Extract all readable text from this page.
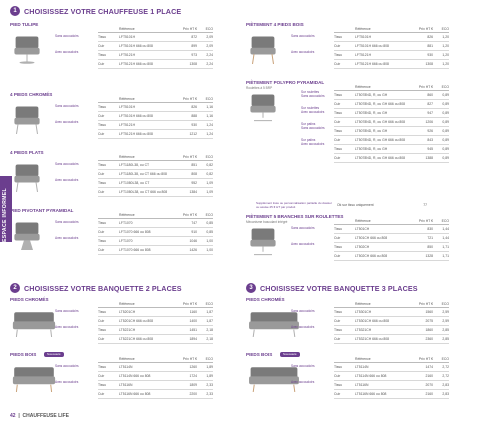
ESPACE INFORMEL
1	CHOISISSEZ VOTRE CHAUFFEUSE 1 PLACE
2	CHOISISSEZ VOTRE BANQUETTE 2 PLACES	3	CHOISISSEZ VOTRE BANQUETTE 3 PLACES
PIED TULIPE
Référence	Prix HT €	ECO
Tissu	LFT5101H	872	2,09
Cuir	LFT5101H 666 ou 808	899	2,09
Tissu	LFT5121H	973	2,24
Cuir	LFT5121H 666 ou 808	1308	2,24
Sans accoudoirs
Avec accoudoirs
4 PIEDS CHROMÉS
Référence	Prix HT €	ECO
Tissu	LFT5101H	826	1,16
Cuir	LFT5101H 666 ou 808	888	1,16
Tissu	LFT5121H	930	1,24
Cuir	LFT5121H 666 ou 808	1212	1,24
Sans accoudoirs
Avec accoudoirs
4 PIEDS PLATS
Référence	Prix HT €	ECO
Tissu	LFT1180L38, ou CT	851	0,82
Cuir	LFT1180L38, ou CT 666 ou 808	808	0,82
Tissu	LFT1080L38, ou CT	952	1,09
Cuir	LFT1080L38, ou CT 666 ou 808	1384	1,09
Sans accoudoirs
Avec accoudoirs
PIED PIVOTANT PYRAMIDAL
Référence	Prix HT €	ECO
Tissu	LFT1070	747	0,85
Cuir	LFT1070 666 ou 808	910	0,85
Tissu	LFT1070	1046	1,00
Cuir	LFT1070 666 ou 808	1426	1,00
Sans accoudoirs
Avec accoudoirs
PIÈTEMENT 4 PIEDS BOIS
Référence	Prix HT €	ECO
Tissu	LFT5101H	826	1,20
Cuir	LFT5101H 666 ou 808	881	1,20
Tissu	LFT5121H	930	1,20
Cuir	LFT5121H 666 ou 808	1308	1,20
Sans accoudoirs
Avec accoudoirs
PIÈTEMENT POLYPRO PYRAMIDAL
Roulettes à 5 BRP	Référence	Prix HT €	ECO
Tissu	LT5078ND, R, ou GH	860	0,89
Cuir	LT5078ND, R, ou GH 666 ou 808	827	0,89
Tissu	LT5078ND, R, ou GH	947	0,89
Cuir	LT5078ND, R, ou GH 666 ou 808	1206	0,89
Tissu	LT5078ND, R, ou GH	926	0,89
Cuir	LT5078ND, R, ou GH 666 ou 808	843	0,89
Tissu	LT5078ND, R, ou GH	945	0,89
Cuir	LT5078ND, R, ou GH 666 ou 808	1388	0,89
Sur roulettes
Sans accoudoirs
Sur roulettes
Avec accoudoirs
Sur patins
Sans accoudoirs
Sur patins
Avec accoudoirs
PIÈTEMENT 5 BRANCHES SUR ROULETTES
Mécanisme basculant intégré	Référence	Prix HT €	ECO
Tissu	LT501CH	830	1,44
Cuir	LT501CH 666 ou 808	721	1,44
Tissu	LT502CH	850	1,71
Cuir	LT502CH 666 ou 808	1328	1,71
Sans accoudoirs
Avec accoudoirs
PIEDS CHROMÉS
Référence	Prix HT €	ECO
Tissu	LT5201CH	1160	1,87
Cuir	LT5201CH 666 ou 808	1400	1,87
Tissu	LT5221CH	1451	2,18
Cuir	LT5221CH 666 ou 808	1894	2,18
Sans accoudoirs
Avec accoudoirs
PIEDS BOIS	Nouveauté
Référence	Prix HT €	ECO
Tissu	LT5114N	1260	1,89
Cuir	LT5114N 666 ou 808	1724	1,89
Tissu	LT5116N	1809	2,33
Cuir	LT5116N 666 ou 808	2200	2,33
Sans accoudoirs
Avec accoudoirs
PIEDS CHROMÉS
Référence	Prix HT €	ECO
Tissu	LT5301CH	1560	2,59
Cuir	LT5301CH 666 ou 808	2075	2,59
Tissu	LT5321CH	1860	2,85
Cuir	LT5321CH 666 ou 808	2360	2,85
Sans accoudoirs
Avec accoudoirs
PIEDS BOIS	Nouveauté
Référence	Prix HT €	ECO
Tissu	LT5114N	1474	2,72
Cuir	LT5114N 666 ou 808	2160	2,72
Tissu	LT5116N	2070	2,83
Cuir	LT5116N 666 ou 808	2160	2,83
Sans accoudoirs
Avec accoudoirs
Supplément tissu ou personnalisation partielle du dossier ou assise 25 € HT par produit	Ok sur tissu uniquement	77
42  |  CHAUFFEUSE LIFE
